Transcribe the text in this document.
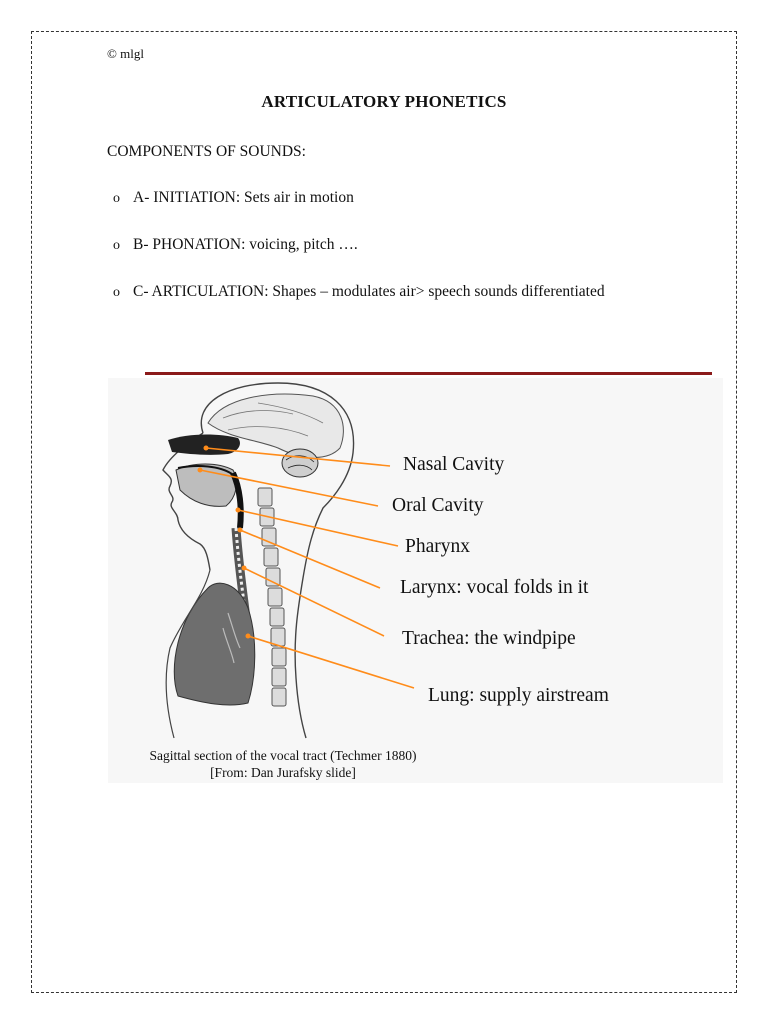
© mlgl
ARTICULATORY PHONETICS
COMPONENTS OF SOUNDS:
o A- INITIATION: Sets air in motion
o B- PHONATION: voicing, pitch ….
o C- ARTICULATION: Shapes – modulates air> speech sounds differentiated
Nasal Cavity
Oral Cavity
Pharynx
Larynx: vocal folds in it
Trachea: the windpipe
Lung: supply airstream
Sagittal section of the vocal tract (Techmer 1880)
[From: Dan Jurafsky slide]
